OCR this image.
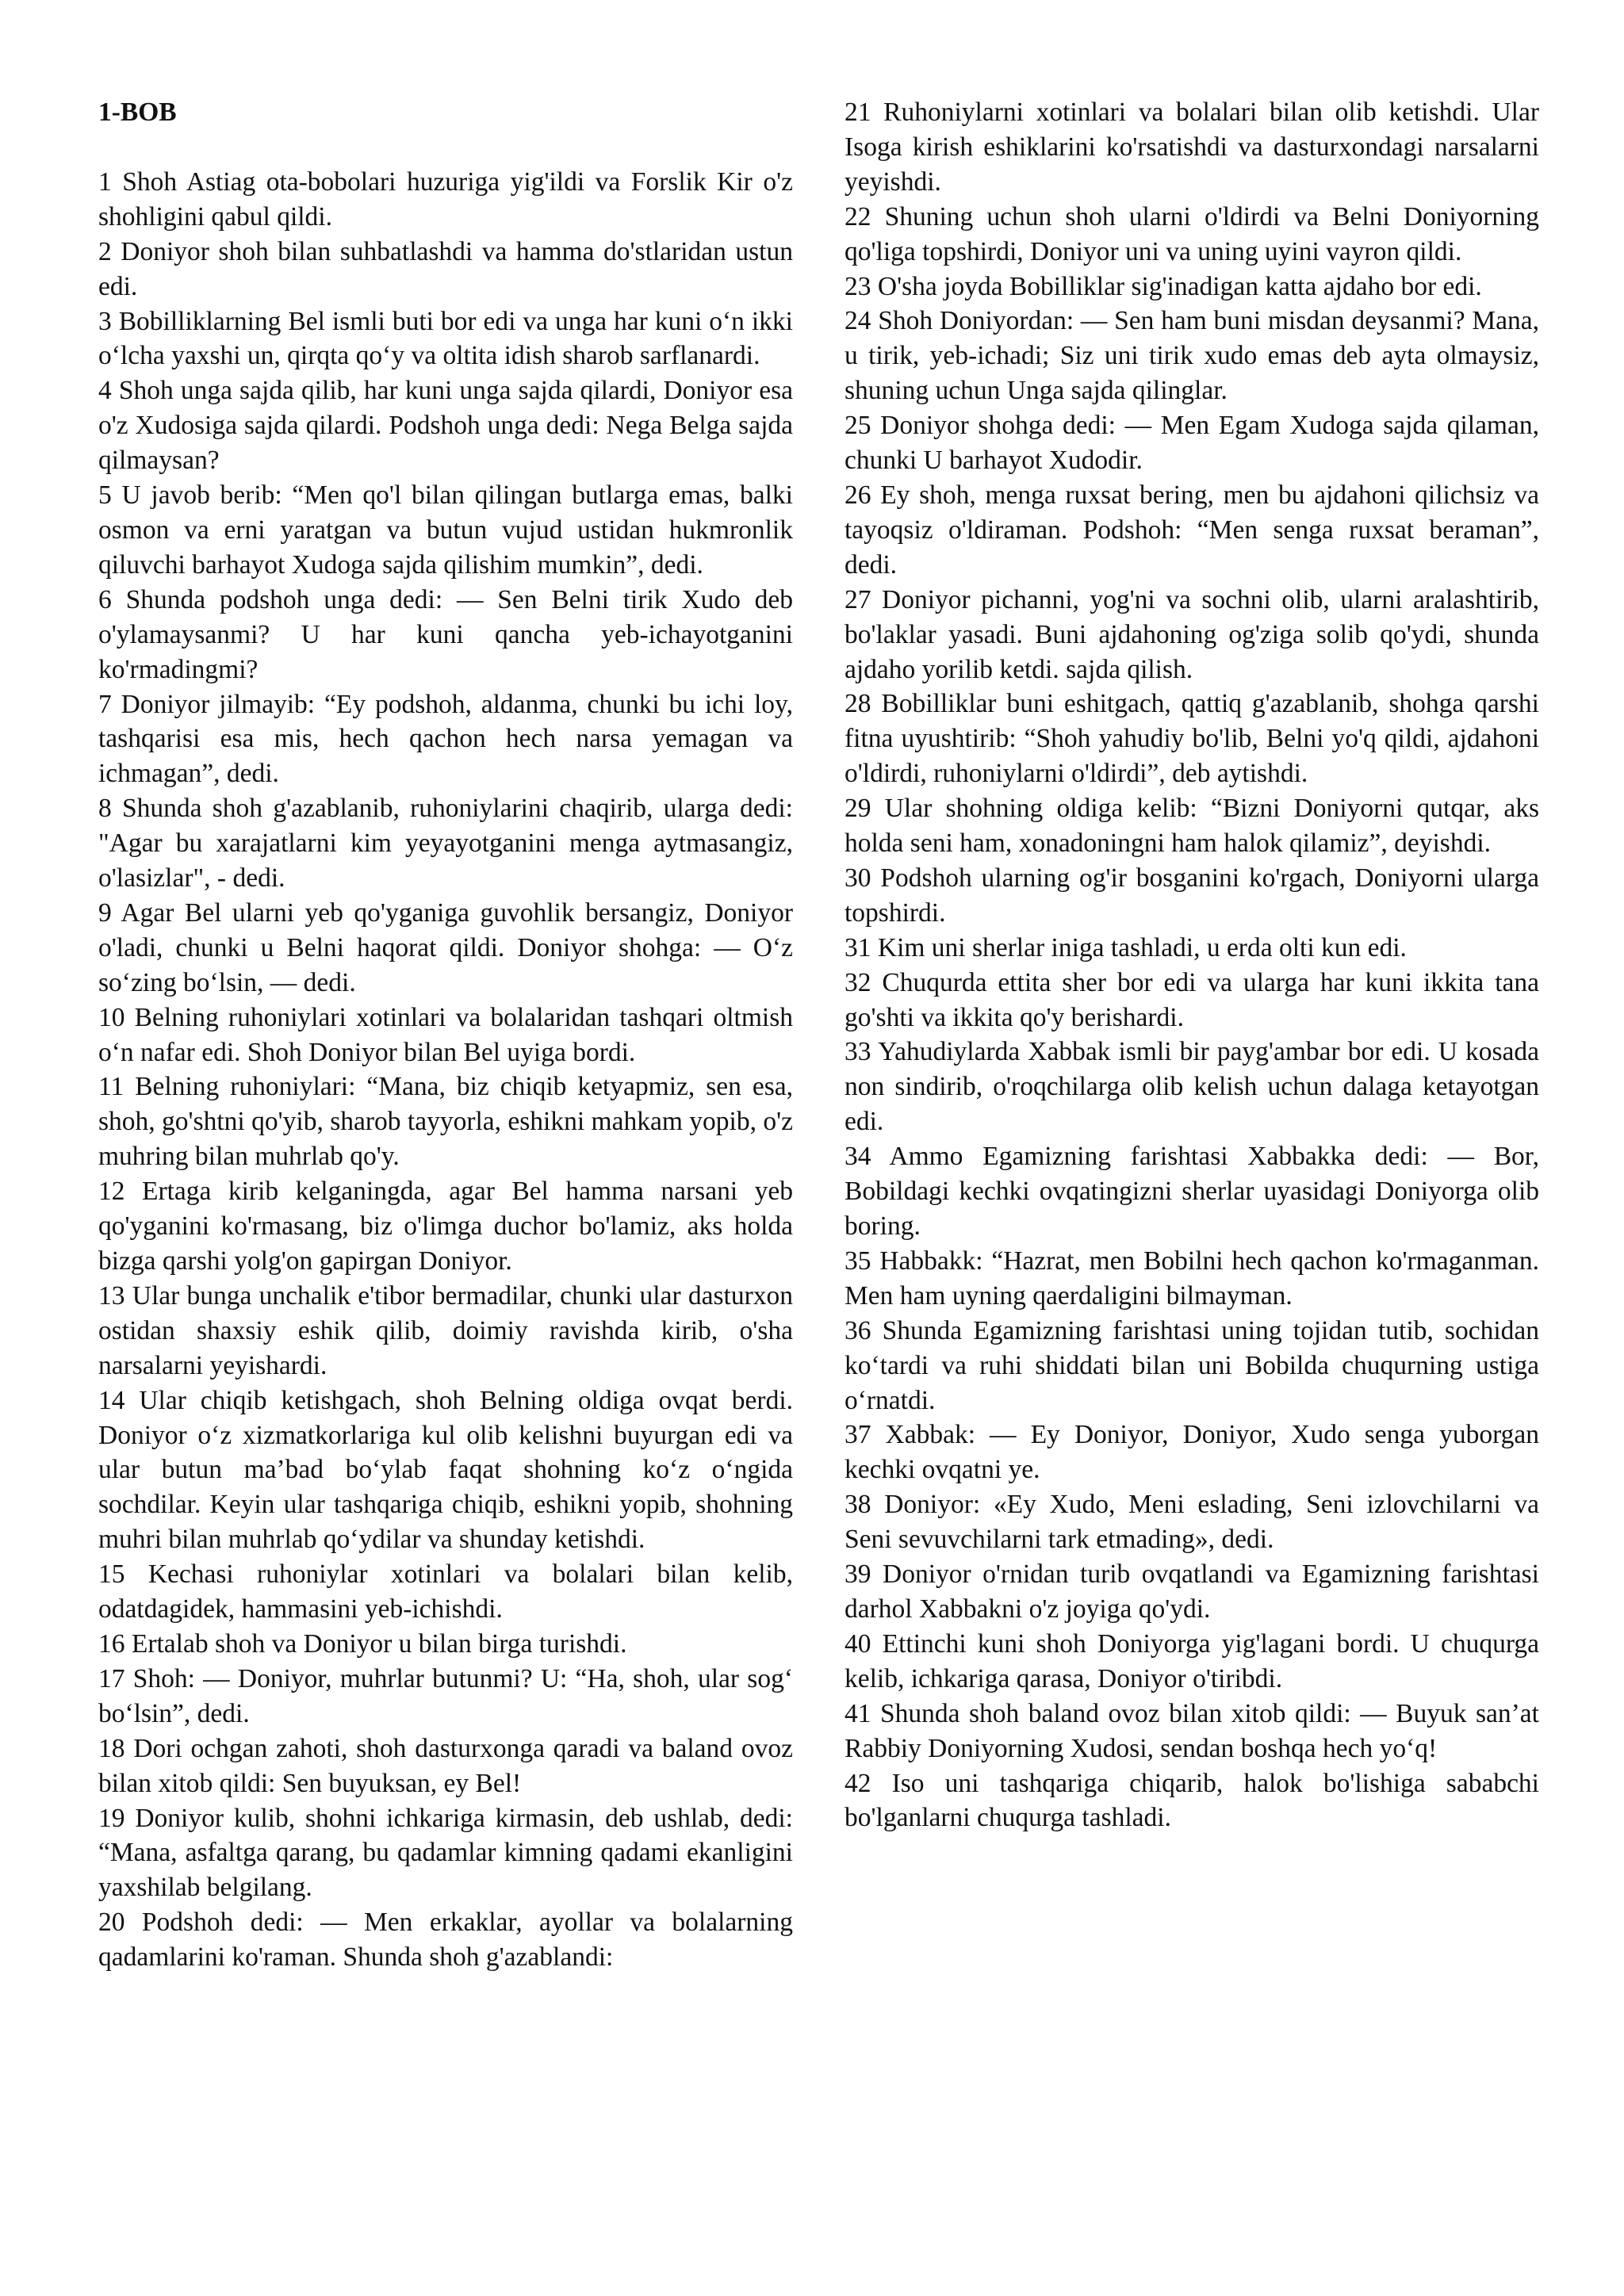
1-BOB

1 Shoh Astiag ota-bobolari huzuriga yig'ildi va Forslik Kir o'z shohligini qabul qildi.

2 Doniyor shoh bilan suhbatlashdi va hamma do'stlaridan ustun edi.

3 Bobilliklarning Bel ismli buti bor edi va unga har kuni o‘n ikki o‘lcha yaxshi un, qirqta qo‘y va oltita idish sharob sarflanardi.

4 Shoh unga sajda qilib, har kuni unga sajda qilardi, Doniyor esa o'z Xudosiga sajda qilardi. Podshoh unga dedi: Nega Belga sajda qilmaysan?

5 U javob berib: “Men qo'l bilan qilingan butlarga emas, balki osmon va erni yaratgan va butun vujud ustidan hukmronlik qiluvchi barhayot Xudoga sajda qilishim mumkin”, dedi.

6 Shunda podshoh unga dedi: — Sen Belni tirik Xudo deb o'ylamaysanmi? U har kuni qancha yeb-ichayotganini ko'rmadingmi?

7 Doniyor jilmayib: “Ey podshoh, aldanma, chunki bu ichi loy, tashqarisi esa mis, hech qachon hech narsa yemagan va ichmagan”, dedi.

8 Shunda shoh g'azablanib, ruhoniylarini chaqirib, ularga dedi: "Agar bu xarajatlarni kim yeyayotganini menga aytmasangiz, o'lasizlar", - dedi.

9 Agar Bel ularni yeb qo'yganiga guvohlik bersangiz, Doniyor o'ladi, chunki u Belni haqorat qildi. Doniyor shohga: — O‘z so‘zing bo‘lsin, — dedi.

10 Belning ruhoniylari xotinlari va bolalaridan tashqari oltmish o‘n nafar edi. Shoh Doniyor bilan Bel uyiga bordi.

11 Belning ruhoniylari: “Mana, biz chiqib ketyapmiz, sen esa, shoh, go'shtni qo'yib, sharob tayyorla, eshikni mahkam yopib, o'z muhring bilan muhrlab qo'y.

12 Ertaga kirib kelganingda, agar Bel hamma narsani yeb qo'yganini ko'rmasang, biz o'limga duchor bo'lamiz, aks holda bizga qarshi yolg'on gapirgan Doniyor.

13 Ular bunga unchalik e'tibor bermadilar, chunki ular dasturxon ostidan shaxsiy eshik qilib, doimiy ravishda kirib, o'sha narsalarni yeyishardi.

14 Ular chiqib ketishgach, shoh Belning oldiga ovqat berdi. Doniyor o‘z xizmatkorlariga kul olib kelishni buyurgan edi va ular butun ma’bad bo‘ylab faqat shohning ko‘z o‘ngida sochdilar. Keyin ular tashqariga chiqib, eshikni yopib, shohning muhri bilan muhrlab qo‘ydilar va shunday ketishdi.

15 Kechasi ruhoniylar xotinlari va bolalari bilan kelib, odatdagidek, hammasini yeb-ichishdi.

16 Ertalab shoh va Doniyor u bilan birga turishdi.

17 Shoh: — Doniyor, muhrlar butunmi? U: “Ha, shoh, ular sog‘ bo‘lsin”, dedi.

18 Dori ochgan zahoti, shoh dasturxonga qaradi va baland ovoz bilan xitob qildi: Sen buyuksan, ey Bel!

19 Doniyor kulib, shohni ichkariga kirmasin, deb ushlab, dedi: “Mana, asfaltga qarang, bu qadamlar kimning qadami ekanligini yaxshilab belgilang.

20 Podshoh dedi: — Men erkaklar, ayollar va bolalarning qadamlarini ko'raman. Shunda shoh g'azablandi:

21 Ruhoniylarni xotinlari va bolalari bilan olib ketishdi. Ular Isoga kirish eshiklarini ko'rsatishdi va dasturxondagi narsalarni yeyishdi.

22 Shuning uchun shoh ularni o'ldirdi va Belni Doniyorning qo'liga topshirdi, Doniyor uni va uning uyini vayron qildi.

23 O'sha joyda Bobilliklar sig'inadigan katta ajdaho bor edi.

24 Shoh Doniyordan: — Sen ham buni misdan deysanmi? Mana, u tirik, yeb-ichadi; Siz uni tirik xudo emas deb ayta olmaysiz, shuning uchun Unga sajda qilinglar.

25 Doniyor shohga dedi: — Men Egam Xudoga sajda qilaman, chunki U barhayot Xudodir.

26 Ey shoh, menga ruxsat bering, men bu ajdahoni qilichsiz va tayoqsiz o'ldiraman. Podshoh: “Men senga ruxsat beraman”, dedi.

27 Doniyor pichanni, yog'ni va sochni olib, ularni aralashtirib, bo'laklar yasadi. Buni ajdahoning og'ziga solib qo'ydi, shunda ajdaho yorilib ketdi. sajda qilish.

28 Bobilliklar buni eshitgach, qattiq g'azablanib, shohga qarshi fitna uyushtirib: “Shoh yahudiy bo'lib, Belni yo'q qildi, ajdahoni o'ldirdi, ruhoniylarni o'ldirdi”, deb aytishdi.

29 Ular shohning oldiga kelib: “Bizni Doniyorni qutqar, aks holda seni ham, xonadoningni ham halok qilamiz”, deyishdi.

30 Podshoh ularning og'ir bosganini ko'rgach, Doniyorni ularga topshirdi.

31 Kim uni sherlar iniga tashladi, u erda olti kun edi.

32 Chuqurda ettita sher bor edi va ularga har kuni ikkita tana go'shti va ikkita qo'y berishardi.

33 Yahudiylarda Xabbak ismli bir payg'ambar bor edi. U kosada non sindirib, o'roqchilarga olib kelish uchun dalaga ketayotgan edi.

34 Ammo Egamizning farishtasi Xabbakka dedi: — Bor, Bobildagi kechki ovqatingizni sherlar uyasidagi Doniyorga olib boring.

35 Habbakk: “Hazrat, men Bobilni hech qachon ko'rmaganman. Men ham uyning qaerdaligini bilmayman.

36 Shunda Egamizning farishtasi uning tojidan tutib, sochidan ko‘tardi va ruhi shiddati bilan uni Bobilda chuqurning ustiga o‘rnatdi.

37 Xabbak: — Ey Doniyor, Doniyor, Xudo senga yuborgan kechki ovqatni ye.

38 Doniyor: «Ey Xudo, Meni eslading, Seni izlovchilarni va Seni sevuvchilarni tark etmading», dedi.

39 Doniyor o'rnidan turib ovqatlandi va Egamizning farishtasi darhol Xabbakni o'z joyiga qo'ydi.

40 Ettinchi kuni shoh Doniyorga yig'lagani bordi. U chuqurga kelib, ichkariga qarasa, Doniyor o'tiribdi.

41 Shunda shoh baland ovoz bilan xitob qildi: — Buyuk san’at Rabbiy Doniyorning Xudosi, sendan boshqa hech yo‘q!

42 Iso uni tashqariga chiqarib, halok bo'lishiga sababchi bo'lganlarni chuqurga tashladi.
